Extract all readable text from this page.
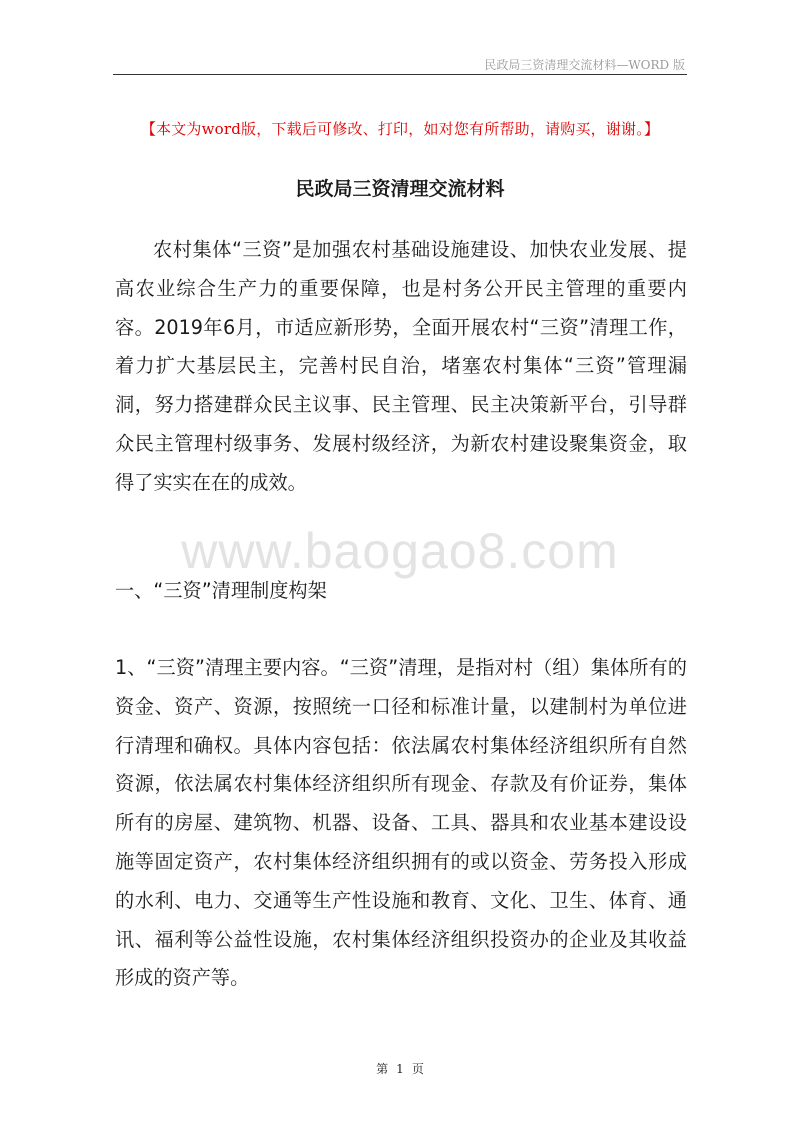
民政局三资清理交流材料—WORD 版
【本文为word版，下载后可修改、打印，如对您有所帮助，请购买，谢谢。】
民政局三资清理交流材料
www.baogao8.com
农村集体“三资”是加强农村基础设施建设、加快农业发展、提高农业综合生产力的重要保障，也是村务公开民主管理的重要内容。2019年6月，市适应新形势，全面开展农村“三资”清理工作，着力扩大基层民主，完善村民自治，堵塞农村集体“三资”管理漏洞，努力搭建群众民主议事、民主管理、民主决策新平台，引导群众民主管理村级事务、发展村级经济，为新农村建设聚集资金，取得了实实在在的成效。
一、“三资”清理制度构架
1、“三资”清理主要内容。“三资”清理，是指对村（组）集体所有的资金、资产、资源，按照统一口径和标准计量，以建制村为单位进行清理和确权。具体内容包括：依法属农村集体经济组织所有自然资源，依法属农村集体经济组织所有现金、存款及有价证券，集体所有的房屋、建筑物、机器、设备、工具、器具和农业基本建设设施等固定资产，农村集体经济组织拥有的或以资金、劳务投入形成的水利、电力、交通等生产性设施和教育、文化、卫生、体育、通讯、福利等公益性设施，农村集体经济组织投资办的企业及其收益形成的资产等。
第 1 页
